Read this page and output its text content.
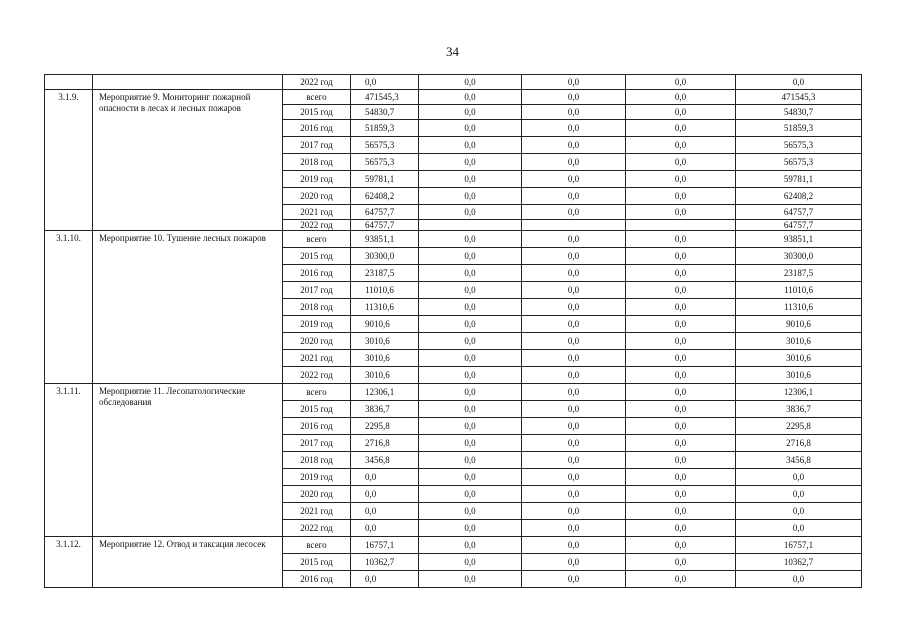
34
		2022 год	0,0	0,0	0,0	0,0	0,0
3.1.9.	Мероприятие 9. Мониторинг пожарной опасности в лесах и лесных пожаров	всего	471545,3	0,0	0,0	0,0	471545,3
		2015 год	54830,7	0,0	0,0	0,0	54830,7
		2016 год	51859,3	0,0	0,0	0,0	51859,3
		2017 год	56575,3	0,0	0,0	0,0	56575,3
		2018 год	56575,3	0,0	0,0	0,0	56575,3
		2019 год	59781,1	0,0	0,0	0,0	59781,1
		2020 год	62408,2	0,0	0,0	0,0	62408,2
		2021 год	64757,7	0,0	0,0	0,0	64757,7
		2022 год	64757,7				64757,7
3.1.10.	Мероприятие 10. Тушение лесных пожаров	всего	93851,1	0,0	0,0	0,0	93851,1
		2015 год	30300,0	0,0	0,0	0,0	30300,0
		2016 год	23187,5	0,0	0,0	0,0	23187,5
		2017 год	11010,6	0,0	0,0	0,0	11010,6
		2018 год	11310,6	0,0	0,0	0,0	11310,6
		2019 год	9010,6	0,0	0,0	0,0	9010,6
		2020 год	3010,6	0,0	0,0	0,0	3010,6
		2021 год	3010,6	0,0	0,0	0,0	3010,6
		2022 год	3010,6	0,0	0,0	0,0	3010,6
3.1.11.	Мероприятие 11. Лесопатологические обследования	всего	12306,1	0,0	0,0	0,0	12306,1
		2015 год	3836,7	0,0	0,0	0,0	3836,7
		2016 год	2295,8	0,0	0,0	0,0	2295,8
		2017 год	2716,8	0,0	0,0	0,0	2716,8
		2018 год	3456,8	0,0	0,0	0,0	3456,8
		2019 год	0,0	0,0	0,0	0,0	0,0
		2020 год	0,0	0,0	0,0	0,0	0,0
		2021 год	0,0	0,0	0,0	0,0	0,0
		2022 год	0,0	0,0	0,0	0,0	0,0
3.1.12.	Мероприятие 12. Отвод и таксация лесосек	всего	16757,1	0,0	0,0	0,0	16757,1
		2015 год	10362,7	0,0	0,0	0,0	10362,7
		2016 год	0,0	0,0	0,0	0,0	0,0
